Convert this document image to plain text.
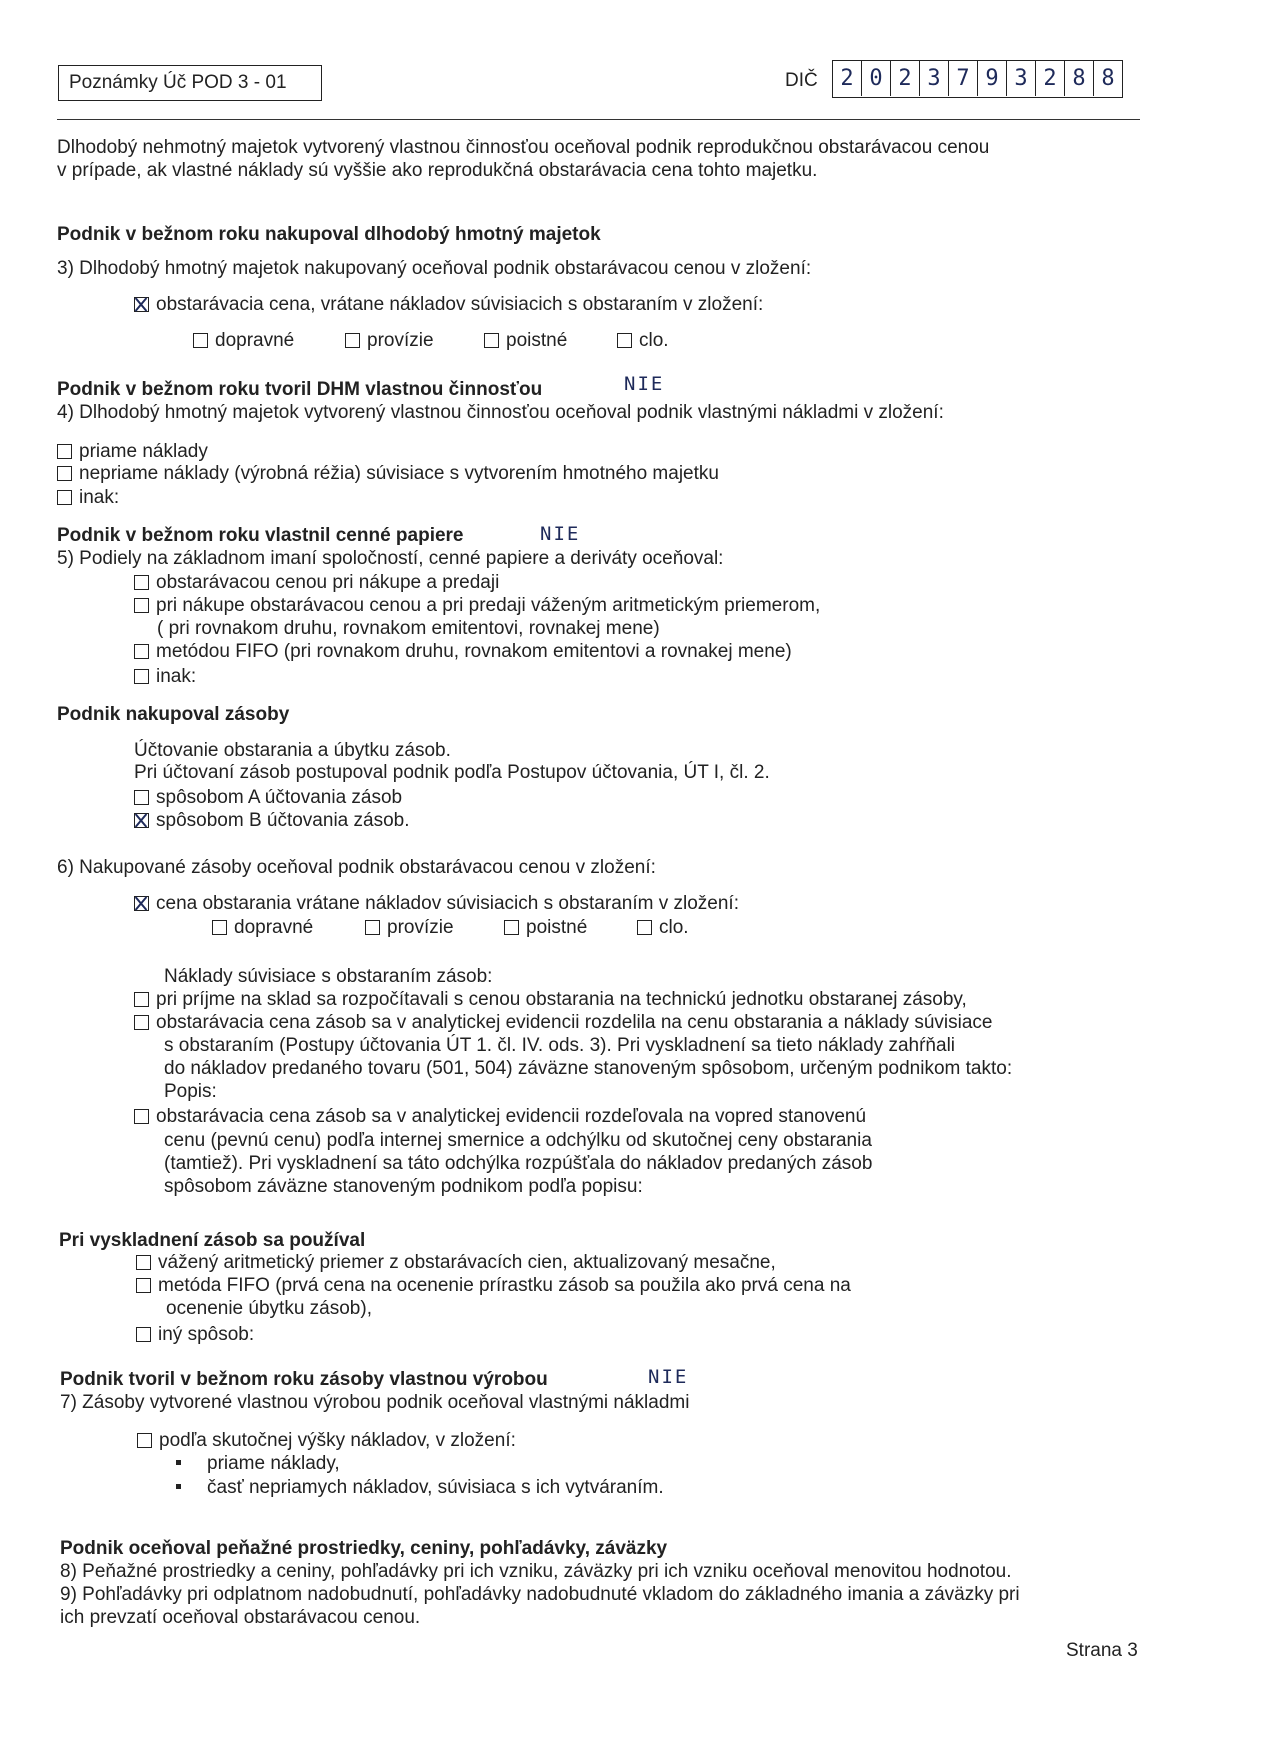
Poznámky Úč POD 3 - 01	DIČ	2 0 2 3 7 9 3 2 8 8
Dlhodobý nehmotný majetok vytvorený vlastnou činnosťou oceňoval podnik reprodukčnou obstarávacou cenou
v prípade, ak vlastné náklady sú vyššie ako reprodukčná obstarávacia cena tohto majetku.
Podnik v bežnom roku nakupoval dlhodobý hmotný majetok
3) Dlhodobý hmotný majetok nakupovaný oceňoval podnik obstarávacou cenou v zložení:
obstarávacia cena, vrátane nákladov súvisiacich s obstaraním v zložení:
dopravné	provízie	poistné	clo.
Podnik v bežnom roku tvoril DHM vlastnou činnosťou	NIE
4) Dlhodobý hmotný majetok vytvorený vlastnou činnosťou oceňoval podnik vlastnými nákladmi v zložení:
priame náklady
nepriame náklady (výrobná réžia) súvisiace s vytvorením hmotného majetku
inak:
Podnik v bežnom roku vlastnil cenné papiere	NIE
5) Podiely na základnom imaní spoločností, cenné papiere a deriváty oceňoval:
obstarávacou cenou pri nákupe a predaji
pri nákupe obstarávacou cenou a pri predaji váženým aritmetickým priemerom,
( pri rovnakom druhu, rovnakom emitentovi, rovnakej mene)
metódou FIFO (pri rovnakom druhu, rovnakom emitentovi a rovnakej mene)
inak:
Podnik nakupoval zásoby
Účtovanie obstarania a úbytku zásob.
Pri účtovaní zásob postupoval podnik podľa Postupov účtovania, ÚT I, čl. 2.
spôsobom A účtovania zásob
spôsobom B účtovania zásob.
6) Nakupované zásoby oceňoval podnik obstarávacou cenou v zložení:
cena obstarania vrátane nákladov súvisiacich s obstaraním v zložení:
dopravné	provízie	poistné	clo.
Náklady súvisiace s obstaraním zásob:
pri príjme na sklad sa rozpočítavali s cenou obstarania na technickú jednotku obstaranej zásoby,
obstarávacia cena zásob sa v analytickej evidencii rozdelila na cenu obstarania a náklady súvisiace
s obstaraním (Postupy účtovania ÚT 1. čl. IV. ods. 3). Pri vyskladnení sa tieto náklady zahŕňali
do nákladov predaného tovaru (501, 504) záväzne stanoveným spôsobom, určeným podnikom takto:
Popis:
obstarávacia cena zásob sa v analytickej evidencii rozdeľovala na vopred stanovenú
cenu (pevnú cenu) podľa internej smernice a odchýlku od skutočnej ceny obstarania
(tamtiež). Pri vyskladnení sa táto odchýlka rozpúšťala do nákladov predaných zásob
spôsobom záväzne stanoveným podnikom podľa popisu:
Pri vyskladnení zásob sa používal
vážený aritmetický priemer z obstarávacích cien, aktualizovaný mesačne,
metóda FIFO (prvá cena na ocenenie prírastku zásob sa použila ako prvá cena na
ocenenie úbytku zásob),
iný spôsob:
Podnik tvoril v bežnom roku zásoby vlastnou výrobou	NIE
7) Zásoby vytvorené vlastnou výrobou podnik oceňoval vlastnými nákladmi
podľa skutočnej výšky nákladov, v zložení:
priame náklady,
časť nepriamych nákladov, súvisiaca s ich vytváraním.
Podnik oceňoval peňažné prostriedky, ceniny, pohľadávky, záväzky
8) Peňažné prostriedky a ceniny, pohľadávky pri ich vzniku, záväzky pri ich vzniku oceňoval menovitou hodnotou.
9) Pohľadávky pri odplatnom nadobudnutí, pohľadávky nadobudnuté vkladom do základného imania a záväzky pri
ich prevzatí oceňoval obstarávacou cenou.
Strana 3
